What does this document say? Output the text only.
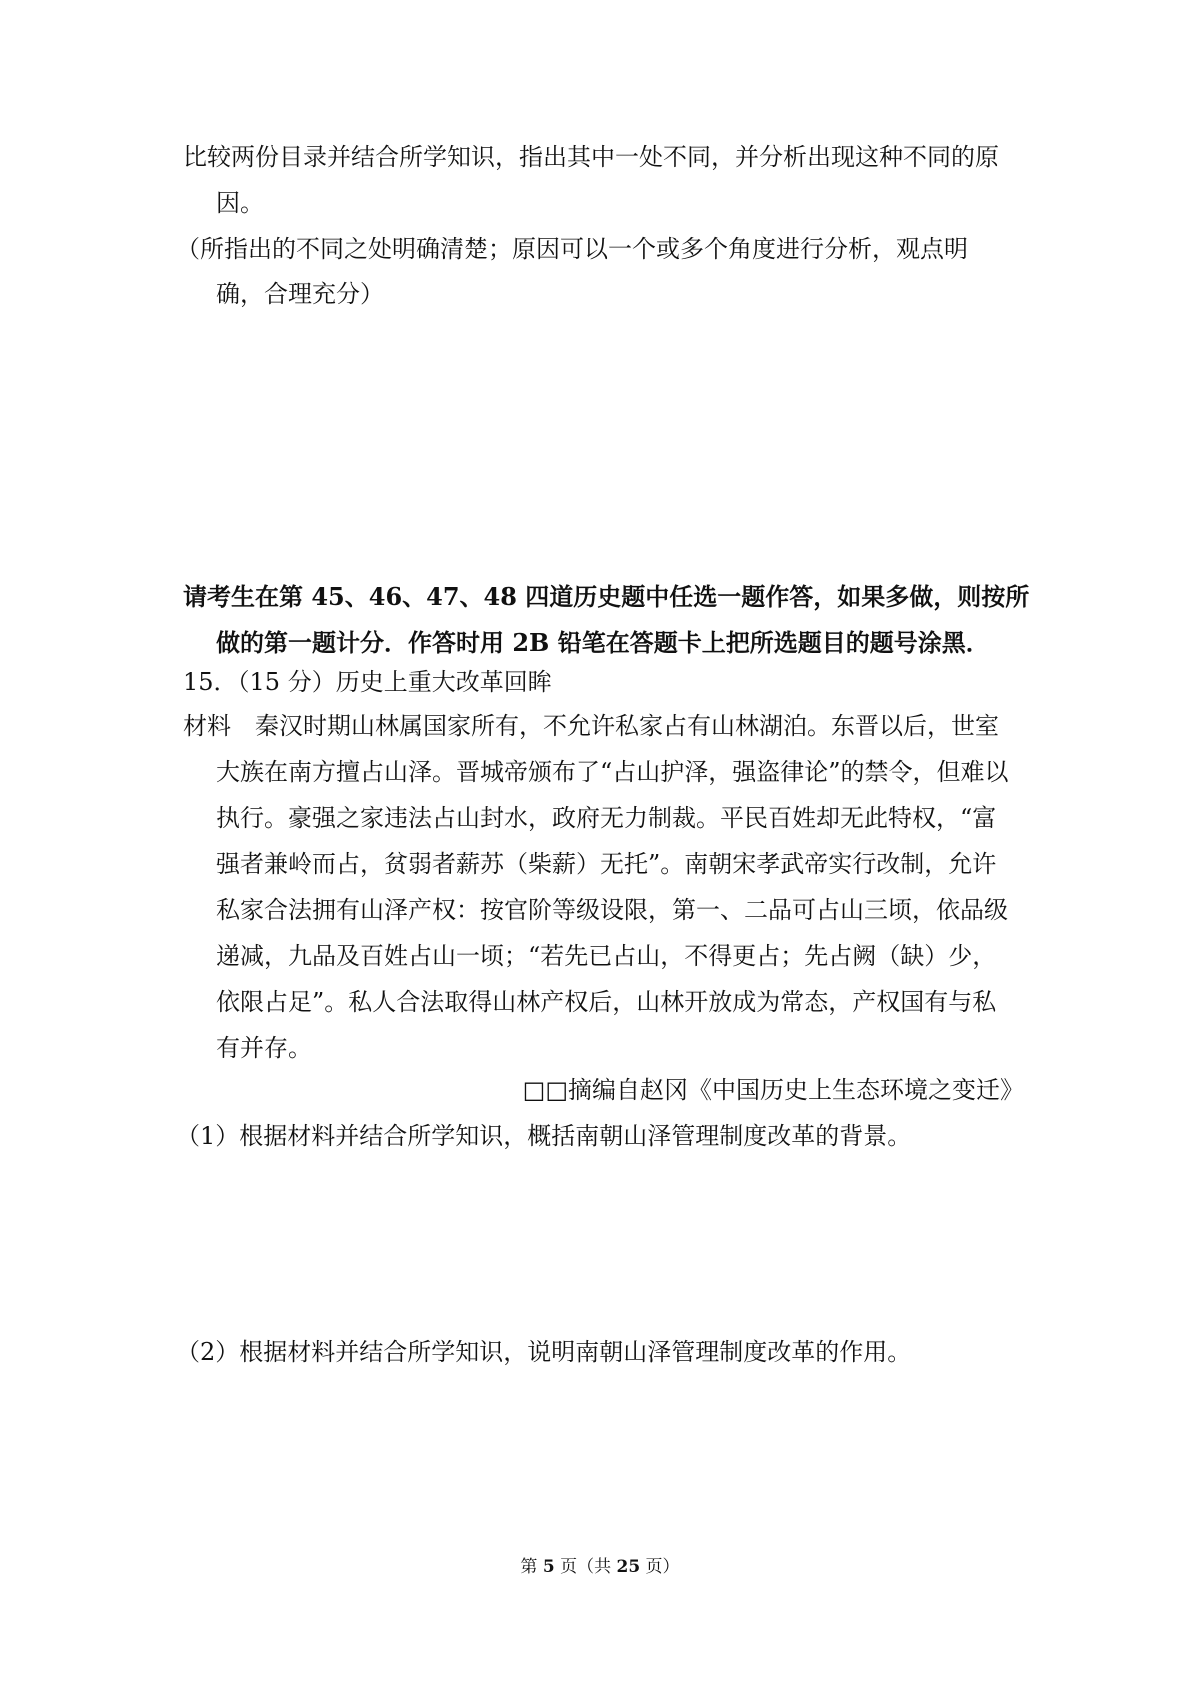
比较两份目录并结合所学知识，指出其中一处不同，并分析出现这种不同的原
因。
（所指出的不同之处明确清楚；原因可以一个或多个角度进行分析，观点明
确，合理充分）
请考生在第 45、46、47、48 四道历史题中任选一题作答，如果多做，则按所
做的第一题计分．作答时用 2B 铅笔在答题卡上把所选题目的题号涂黑．
15．（15 分）历史上重大改革回眸
材料　秦汉时期山林属国家所有，不允许私家占有山林湖泊。东晋以后，世室
大族在南方擅占山泽。晋城帝颁布了“占山护泽，强盗律论”的禁令，但难以
执行。豪强之家违法占山封水，政府无力制裁。平民百姓却无此特权，“富
强者兼岭而占，贫弱者薪苏（柴薪）无托”。南朝宋孝武帝实行改制，允许
私家合法拥有山泽产权：按官阶等级设限，第一、二品可占山三顷，依品级
递减，九品及百姓占山一顷；“若先已占山，不得更占；先占阙（缺）少，
依限占足”。私人合法取得山林产权后，山林开放成为常态，产权国有与私
有并存。
□□摘编自赵冈《中国历史上生态环境之变迁》
（1）根据材料并结合所学知识，概括南朝山泽管理制度改革的背景。
（2）根据材料并结合所学知识，说明南朝山泽管理制度改革的作用。
第 5 页（共 25 页）
